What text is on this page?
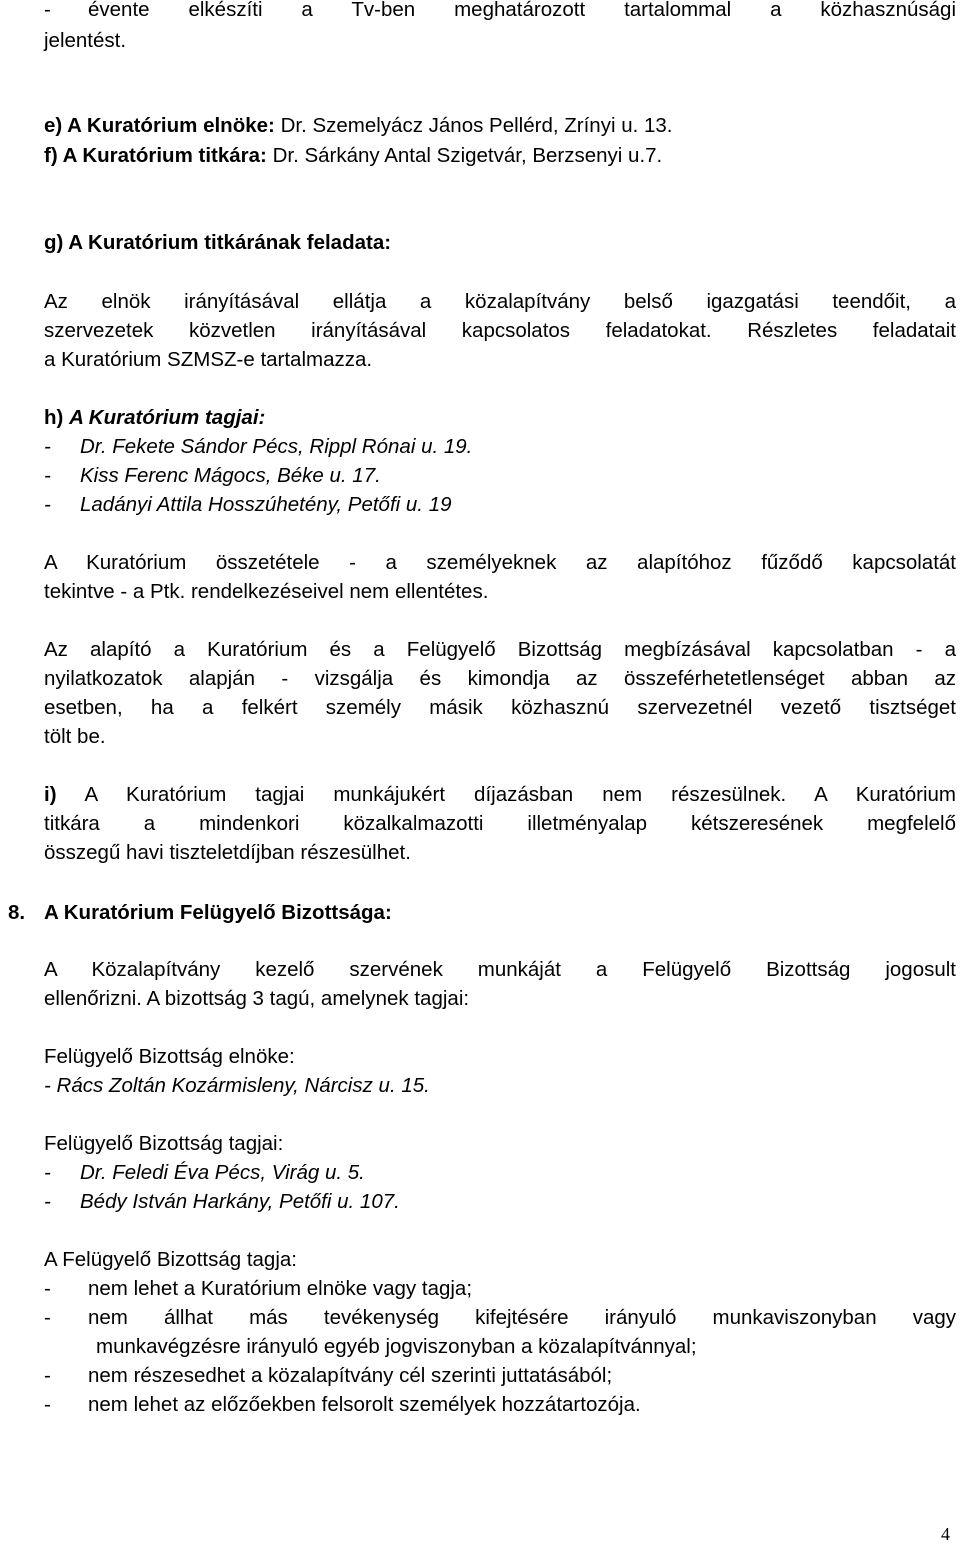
- évente elkészíti a Tv-ben meghatározott tartalommal a közhasznúsági
jelentést.
e) A Kuratórium elnöke: Dr. Szemelyácz János Pellérd, Zrínyi u. 13.
f) A Kuratórium titkára: Dr. Sárkány Antal Szigetvár, Berzsenyi u.7.
g) A Kuratórium titkárának feladata:
Az elnök irányításával ellátja a közalapítvány belső igazgatási teendőit, a
szervezetek közvetlen irányításával kapcsolatos feladatokat. Részletes feladatait
a Kuratórium SZMSZ-e tartalmazza.
h) A Kuratórium tagjai:
- Dr. Fekete Sándor Pécs, Rippl Rónai u. 19.
- Kiss Ferenc Mágocs, Béke u. 17.
- Ladányi Attila Hosszúhetény, Petőfi u. 19
A Kuratórium összetétele - a személyeknek az alapítóhoz fűződő kapcsolatát
tekintve - a Ptk. rendelkezéseivel nem ellentétes.
Az alapító a Kuratórium és a Felügyelő Bizottság megbízásával kapcsolatban - a
nyilatkozatok alapján - vizsgálja és kimondja az összeférhetetlenséget abban az
esetben, ha a felkért személy másik közhasznú szervezetnél vezető tisztséget
tölt be.
i) A Kuratórium tagjai munkájukért díjazásban nem részesülnek. A Kuratórium
titkára a mindenkori közalkalmazotti illetményalap kétszeresének megfelelő
összegű havi tiszteletdíjban részesülhet.
8. A Kuratórium Felügyelő Bizottsága:
A Közalapítvány kezelő szervének munkáját a Felügyelő Bizottság jogosult
ellenőrizni. A bizottság 3 tagú, amelynek tagjai:
Felügyelő Bizottság elnöke:
- Rács Zoltán Kozármisleny, Nárcisz u. 15.
Felügyelő Bizottság tagjai:
- Dr. Feledi Éva Pécs, Virág u. 5.
- Bédy István Harkány, Petőfi u. 107.
A Felügyelő Bizottság tagja:
- nem lehet a Kuratórium elnöke vagy tagja;
- nem állhat más tevékenység kifejtésére irányuló munkaviszonyban vagy
munkavégzésre irányuló egyéb jogviszonyban a közalapítvánnyal;
- nem részesedhet a közalapítvány cél szerinti juttatásából;
- nem lehet az előzőekben felsorolt személyek hozzátartozója.
4
